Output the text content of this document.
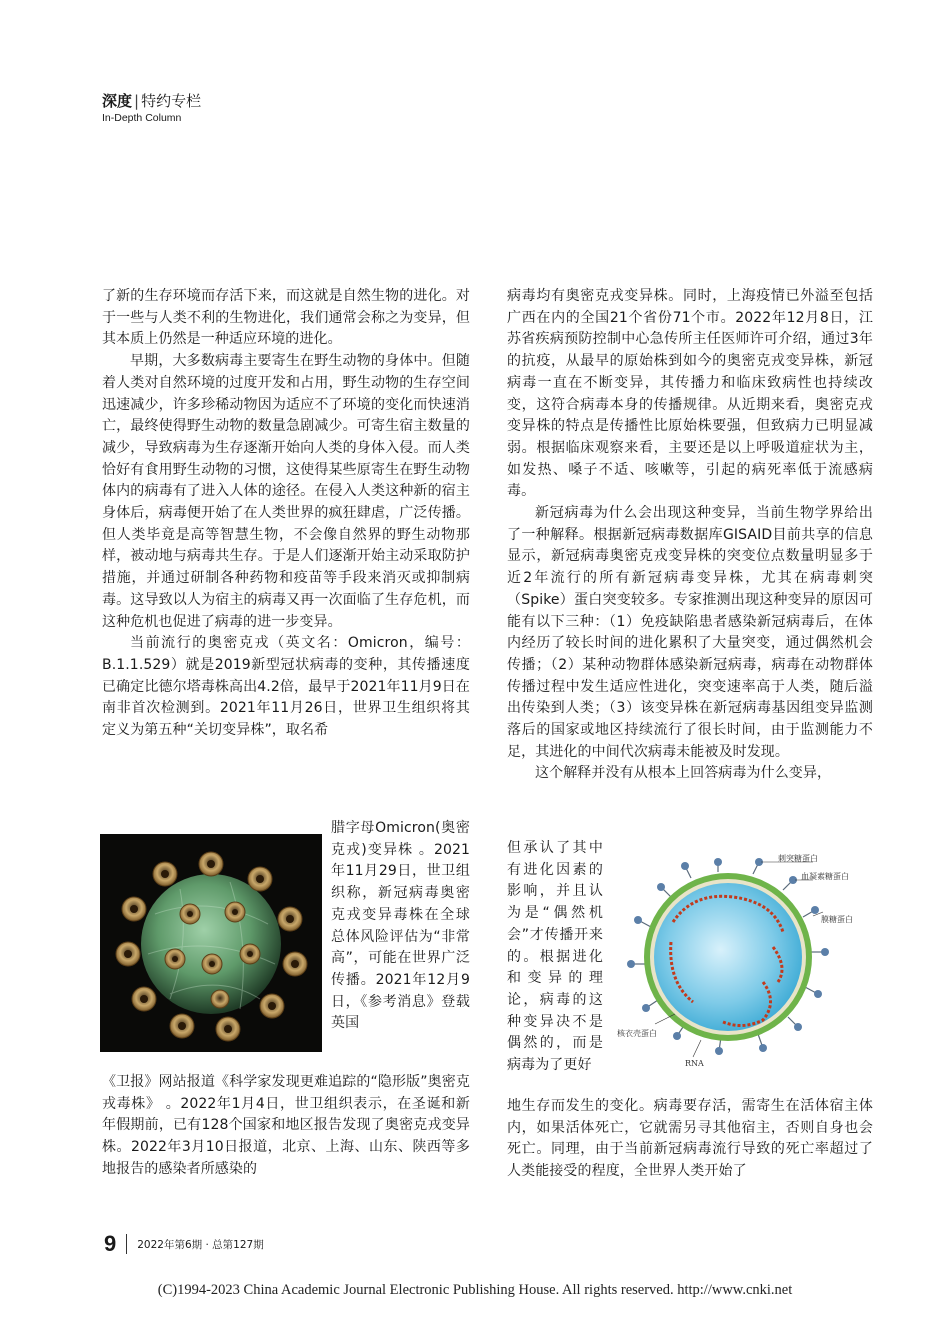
深度 | 特约专栏
In-Depth Column

了新的生存环境而存活下来，而这就是自然生物的进化。对于一些与人类不利的生物进化，我们通常会称之为变异，但其本质上仍然是一种适应环境的进化。

早期，大多数病毒主要寄生在野生动物的身体中。但随着人类对自然环境的过度开发和占用，野生动物的生存空间迅速减少，许多珍稀动物因为适应不了环境的变化而快速消亡，最终使得野生动物的数量急剧减少。可寄生宿主数量的减少，导致病毒为生存逐渐开始向人类的身体入侵。而人类恰好有食用野生动物的习惯，这使得某些原寄生在野生动物体内的病毒有了进入人体的途径。在侵入人类这种新的宿主身体后，病毒便开始了在人类世界的疯狂肆虐，广泛传播。但人类毕竟是高等智慧生物，不会像自然界的野生动物那样，被动地与病毒共生存。于是人们逐渐开始主动采取防护措施，并通过研制各种药物和疫苗等手段来消灭或抑制病毒。这导致以人为宿主的病毒又再一次面临了生存危机，而这种危机也促进了病毒的进一步变异。

当前流行的奥密克戎（英文名：Omicron，编号：B.1.1.529）就是2019新型冠状病毒的变种，其传播速度已确定比德尔塔毒株高出4.2倍，最早于2021年11月9日在南非首次检测到。2021年11月26日，世界卫生组织将其定义为第五种“关切变异株”，取名希

腊字母Omicron(奥密克戎)变异株 。2021年11月29日，世卫组织称，新冠病毒奥密克戎变异毒株在全球总体风险评估为“非常高”，可能在世界广泛传播。2021年12月9日，《参考消息》登载英国

《卫报》网站报道《科学家发现更难追踪的“隐形版”奥密克戎毒株》 。2022年1月4日，世卫组织表示，在圣诞和新年假期前，已有128个国家和地区报告发现了奥密克戎变异株。2022年3月10日报道，北京、上海、山东、陕西等多地报告的感染者所感染的

病毒均有奥密克戎变异株。同时，上海疫情已外溢至包括广西在内的全国21个省份71个市。2022年12月8日，江苏省疾病预防控制中心急传所主任医师许可介绍，通过3年的抗疫，从最早的原始株到如今的奥密克戎变异株，新冠病毒一直在不断变异，其传播力和临床致病性也持续改变，这符合病毒本身的传播规律。从近期来看，奥密克戎变异株的特点是传播性比原始株要强，但致病力已明显减弱。根据临床观察来看，主要还是以上呼吸道症状为主，如发热、嗓子不适、咳嗽等，引起的病死率低于流感病毒。

新冠病毒为什么会出现这种变异，当前生物学界给出了一种解释。根据新冠病毒数据库GISAID目前共享的信息显示，新冠病毒奥密克戎变异株的突变位点数量明显多于近2年流行的所有新冠病毒变异株，尤其在病毒刺突（Spike）蛋白突变较多。专家推测出现这种变异的原因可能有以下三种：（1）免疫缺陷患者感染新冠病毒后，在体内经历了较长时间的进化累积了大量突变，通过偶然机会传播；（2）某种动物群体感染新冠病毒，病毒在动物群体传播过程中发生适应性进化，突变速率高于人类，随后溢出传染到人类；（3）该变异株在新冠病毒基因组变异监测落后的国家或地区持续流行了很长时间，由于监测能力不足，其进化的中间代次病毒未能被及时发现。

这个解释并没有从根本上回答病毒为什么变异，

但承认了其中有进化因素的影响，并且认为是“偶然机会”才传播开来的。根据进化和变异的理论，病毒的这种变异决不是偶然的，而是病毒为了更好

刺突糖蛋白
血凝素糖蛋白
膜糖蛋白
核衣壳蛋白
RNA

地生存而发生的变化。病毒要存活，需寄生在活体宿主体内，如果活体死亡，它就需另寻其他宿主，否则自身也会死亡。同理，由于当前新冠病毒流行导致的死亡率超过了人类能接受的程度，全世界人类开始了

9 2022年第6期 · 总第127期
(C)1994-2023 China Academic Journal Electronic Publishing House. All rights reserved. http://www.cnki.net
